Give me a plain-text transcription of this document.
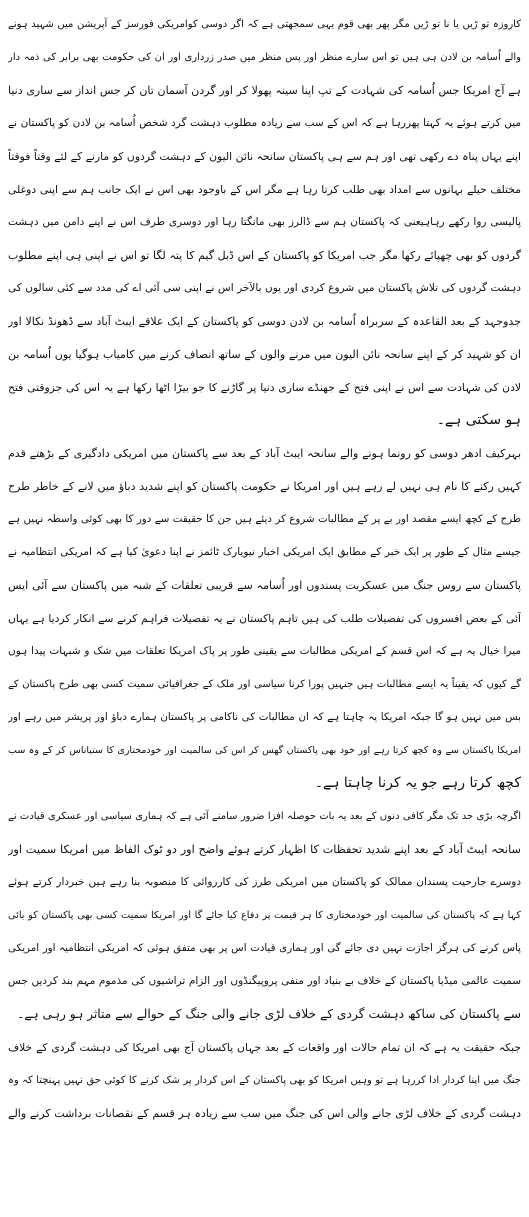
کاروزہ تو ڑیں یا نا تو ڑیں مگر پھر بھی قوم یہی سمجھتی ہے کہ اگر دوسی کوامریکی فورسز کے آپریشن میں شہید ہونے
والے اُسامہ بن لادن ہی ہیں تو اس سارے منظر اور پس منظر میں صدر زرداری اور ان کی حکومت بھی برابر کی ذمہ دار
ہے آج امریکا جس اُسامہ کی شہادت کے تپ اپنا سینہ پھولا کر اور گردن آسمان تان کر جس انداز سے ساری دنیا
میں کرتے ہوئے یہ کہتا پھررہا ہے کہ اس کے سب سے زیادہ مطلوب دہشت گرد شخص اُسامہ بن لادن کو پاکستان نے
اپنے یہاں پناہ دے رکھی تھی اور ہم سے ہی پاکستان سانحہ نائن الیون کے دہشت گردوں کو مارنے کے لئے وقتاً فوقتاً
مختلف حیلے بہانوں سے امداد بھی طلب کرتا رہا ہے مگر اس کے باوجود بھی اس نے ایک جانب ہم سے اپنی دوغلی
پالیسی روا رکھے رہاہیعنی کہ پاکستان ہم سے ڈالرز بھی مانگتا رہا اور دوسری طرف اس نے اپنے دامن میں دہشت
گردوں کو بھی چھپائے رکھا مگر جب امریکا کو پاکستان کے اس ڈبل گیم کا پتہ لگا تو اس نے اپنی ہی اپنے مطلوب
دہشت گردوں کی تلاش پاکستان میں شروع کردی اور یوں بالآخر اس نے اپنی سی آئی اے کی مدد سے کئی سالوں کی
جدوجہد کے بعد القاعدہ کے سربراہ اُسامہ بن لادن دوسی کو پاکستان کے ایک علاقے ایبٹ آباد سے ڈھونڈ نکالا اور
ان کو شہید کر کے اپنے سانحہ نائن الیون میں مرنے والوں کے ساتھ انصاف کرنے میں کامیاب ہوگیا یوں اُسامہ بن
لادن کی شہادت سے اس نے اپنی فتح کے جھنڈے ساری دنیا پر گاڑنے کا جو بیڑا اٹھا رکھا ہے یہ اس کی جزوقتی فتح
ہو سکتی ہے۔

بہرکیف ادھر دوسی کو رونما ہونے والے سانحہ ایبٹ آباد کے بعد سے پاکستان میں امریکی دادگیری کے بڑھتے قدم
کہیں رکنے کا نام ہی نہیں لے رہے ہیں اور امریکا نے حکومت پاکستان کو اپنے شدید دباؤ میں لانے کے خاطر طرح
طرح کے کچھ ایسے مقصد اور بے پر کے مطالبات شروع کر دیئے ہیں جن کا حقیقت سے دور کا بھی کوئی واسطہ نہیں ہے
جیسے مثال کے طور پر ایک خبر کے مطابق ایک امریکی اخبار نیویارک ٹائمز نے اپنا دعویٰ کیا ہے کہ امریکی انتظامیہ نے
پاکستان سے روس جنگ میں عسکریت پسندوں اور اُسامہ سے قریبی تعلقات کے شبہ میں پاکستان سے آئی ایس
آئی کے بعض افسروں کی تفصیلات طلب کی ہیں تاہم پاکستان نے یہ تفصیلات فراہم کرنے سے انکار کردیا ہے یہاں
میرا خیال یہ ہے کہ اس قسم کے امریکی مطالبات سے یقینی طور پر پاک امریکا تعلقات میں شک و شبہات پیدا ہوں
گے کیوں کہ یقیناً یہ ایسے مطالبات ہیں جنہیں پورا کرنا سیاسی اور ملک کے جغرافیائی سمیت کسی بھی طرح پاکستان کے
بس میں نہیں ہو گا جبکہ امریکا یہ چاہتا ہے کہ ان مطالبات کی ناکامی پر پاکستان ہمارے دباؤ اور پریشر میں رہے اور
امریکا پاکستان سے وہ کچھ کرتا رہے اور خود بھی پاکستان گھس کر اس کی سالمیت اور خودمختاری کا ستیاناس کر کے وہ سب
کچھ کرتا رہے جو یہ کرنا چاہتا ہے۔

اگرچہ بڑی حد تک مگر کافی دنوں کے بعد یہ بات حوصلہ افزا ضرور سامنے آئی ہے کہ ہماری سیاسی اور عسکری قیادت نے
سانحہ ایبٹ آباد کے بعد اپنے شدید تحفظات کا اظہار کرتے ہوئے واضح اور دو ٹوک الفاظ میں امریکا سمیت اور
دوسرے جارحیت پسندان ممالک کو پاکستان میں امریکی طرز کی کارروائی کا منصوبہ بنا رہے ہیں خبردار کرتے ہوئے
کہا ہے کہ پاکستان کی سالمیت اور خودمختاری کا ہر قیمت پر دفاع کیا جائے گا اور امریکا سمیت کسی بھی پاکستان کو بائی
پاس کرنے کی ہرگز اجازت نہیں دی جائے گی اور ہماری قیادت اس پر بھی متفق ہوئی کہ امریکی انتظامیہ اور امریکی
سمیت عالمی میڈیا پاکستان کے خلاف بے بنیاد اور منفی پروپیگنڈوں اور الزام تراشیوں کی مذموم مہم بند کردیں جس
سے پاکستان کی ساکھ دہشت گردی کے خلاف لڑی جانے والی جنگ کے حوالے سے متاثر ہو رہی ہے۔

جبکہ حقیقت یہ ہے کہ ان تمام حالات اور واقعات کے بعد جہاں پاکستان آج بھی امریکا کی دہشت گردی کے خلاف
جنگ میں اپنا کردار ادا کررہا ہے تو وہیں امریکا کو بھی پاکستان کے اس کردار پر شک کرنے کا کوئی حق نہیں پہنچتا کہ وہ
دہشت گردی کے خلاف لڑی جانے والی اس کی جنگ میں سب سے زیادہ ہر قسم کے نقصانات برداشت کرنے والے
